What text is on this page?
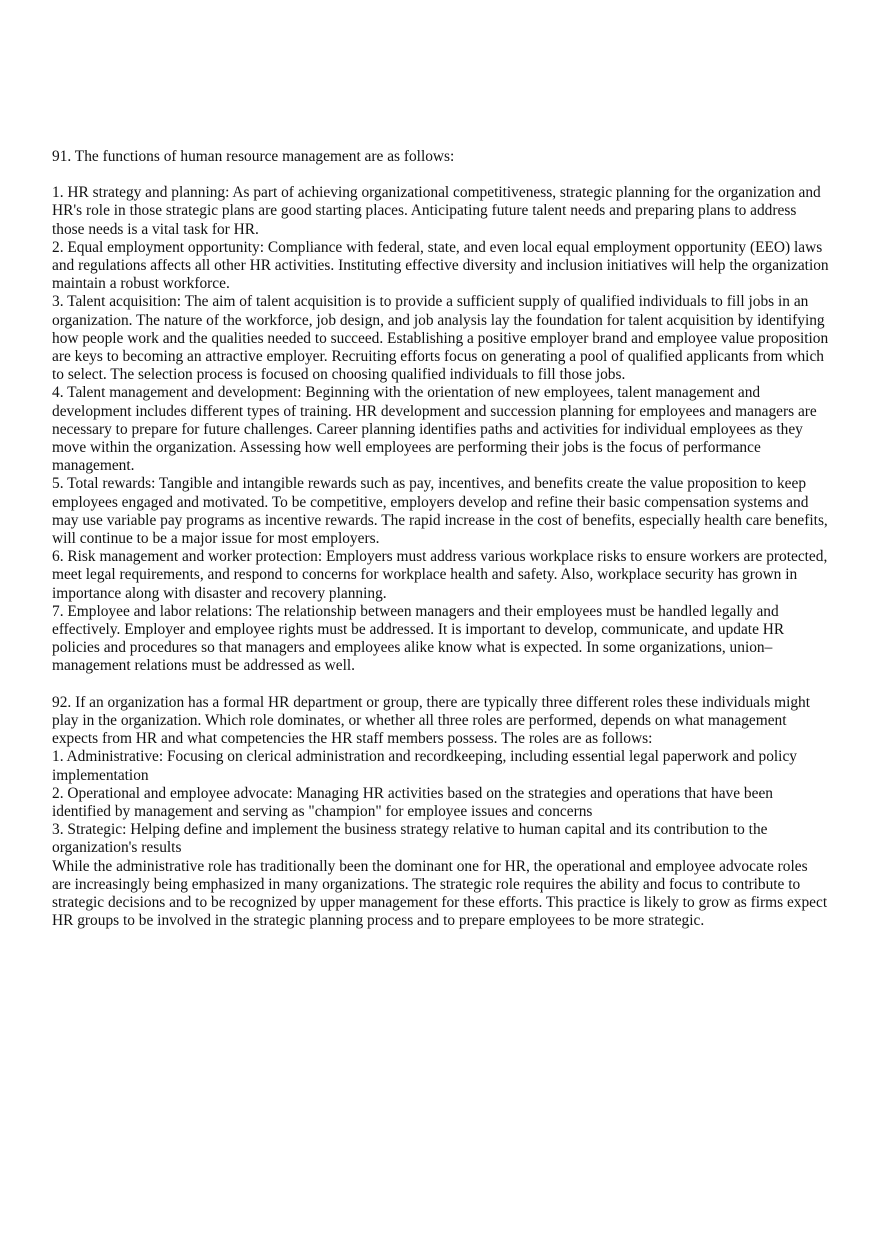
91. The functions of human resource management are as follows:

1. HR strategy and planning: As part of achieving organizational competitiveness, strategic planning for the organization and HR's role in those strategic plans are good starting places. Anticipating future talent needs and preparing plans to address those needs is a vital task for HR.

2. Equal employment opportunity: Compliance with federal, state, and even local equal employment opportunity (EEO) laws and regulations affects all other HR activities. Instituting effective diversity and inclusion initiatives will help the organization maintain a robust workforce.

3. Talent acquisition: The aim of talent acquisition is to provide a sufficient supply of qualified individuals to fill jobs in an organization. The nature of the workforce, job design, and job analysis lay the foundation for talent acquisition by identifying how people work and the qualities needed to succeed. Establishing a positive employer brand and employee value proposition are keys to becoming an attractive employer. Recruiting efforts focus on generating a pool of qualified applicants from which to select. The selection process is focused on choosing qualified individuals to fill those jobs.

4. Talent management and development: Beginning with the orientation of new employees, talent management and development includes different types of training. HR development and succession planning for employees and managers are necessary to prepare for future challenges. Career planning identifies paths and activities for individual employees as they move within the organization. Assessing how well employees are performing their jobs is the focus of performance management.

5. Total rewards: Tangible and intangible rewards such as pay, incentives, and benefits create the value proposition to keep employees engaged and motivated. To be competitive, employers develop and refine their basic compensation systems and may use variable pay programs as incentive rewards. The rapid increase in the cost of benefits, especially health care benefits, will continue to be a major issue for most employers.

6. Risk management and worker protection: Employers must address various workplace risks to ensure workers are protected, meet legal requirements, and respond to concerns for workplace health and safety. Also, workplace security has grown in importance along with disaster and recovery planning.

7. Employee and labor relations: The relationship between managers and their employees must be handled legally and effectively. Employer and employee rights must be addressed. It is important to develop, communicate, and update HR policies and procedures so that managers and employees alike know what is expected. In some organizations, union–management relations must be addressed as well.

92. If an organization has a formal HR department or group, there are typically three different roles these individuals might play in the organization. Which role dominates, or whether all three roles are performed, depends on what management expects from HR and what competencies the HR staff members possess. The roles are as follows:

1. Administrative: Focusing on clerical administration and recordkeeping, including essential legal paperwork and policy implementation

2. Operational and employee advocate: Managing HR activities based on the strategies and operations that have been identified by management and serving as "champion" for employee issues and concerns

3. Strategic: Helping define and implement the business strategy relative to human capital and its contribution to the organization's results

While the administrative role has traditionally been the dominant one for HR, the operational and employee advocate roles are increasingly being emphasized in many organizations. The strategic role requires the ability and focus to contribute to strategic decisions and to be recognized by upper management for these efforts. This practice is likely to grow as firms expect HR groups to be involved in the strategic planning process and to prepare employees to be more strategic.
